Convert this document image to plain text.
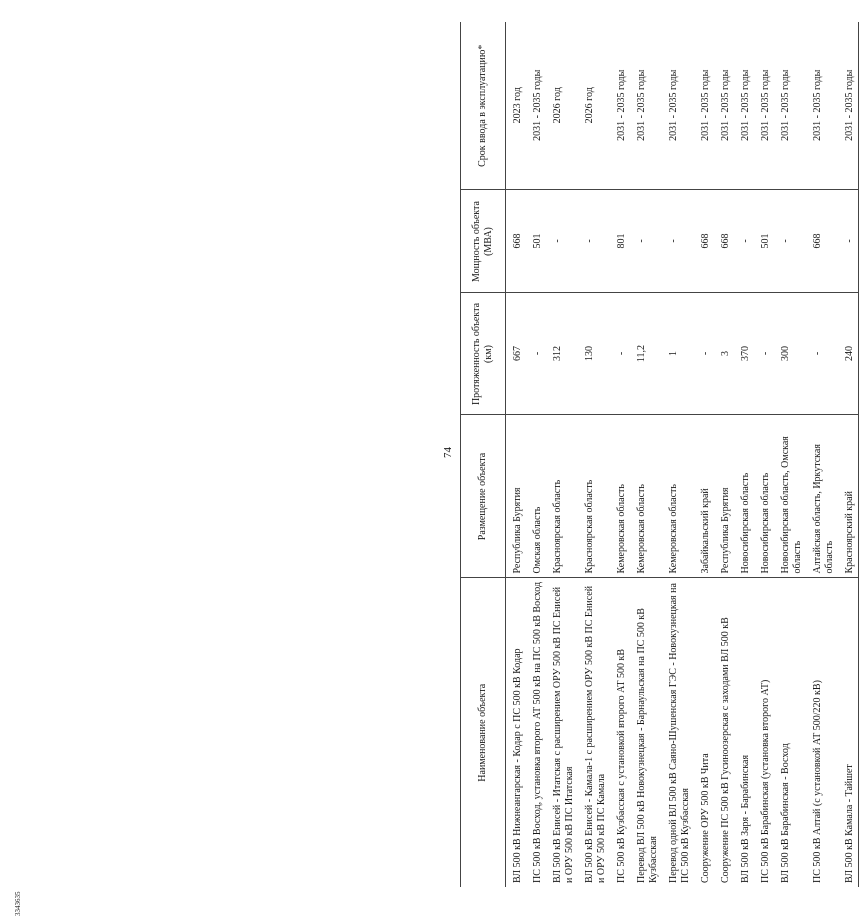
3343635
74
Наименование объекта	Размещение объекта	Протяженность объекта (км)	Мощность объекта (МВА)	Срок ввода в эксплуатацию*
ВЛ 500 кВ Нижнеангарская - Кодар с ПС 500 кВ Кодар	Республика Бурятия	667	668	2023 год
ПС 500 кВ Восход, установка второго АТ 500 кВ на ПС 500 кВ Восход	Омская область	-	501	2031 - 2035 годы
ВЛ 500 кВ Енисей - Итатская с расширением ОРУ 500 кВ ПС Енисей и ОРУ 500 кВ ПС Итатская	Красноярская область	312	-	2026 год
ВЛ 500 кВ Енисей - Камала-1 с расширением ОРУ 500 кВ ПС Енисей и ОРУ 500 кВ ПС Камала	Красноярская область	130	-	2026 год
ПС 500 кВ Кузбасская с установкой второго АТ 500 кВ	Кемеровская область	-	801	2031 - 2035 годы
Перевод ВЛ 500 кВ Новокузнецкая - Барнаульская на ПС 500 кВ Кузбасская	Кемеровская область	11,2	-	2031 - 2035 годы
Перевод одной ВЛ 500 кВ Саяно-Шушенская ГЭС - Новокузнецкая на ПС 500 кВ Кузбасская	Кемеровская область	1	-	2031 - 2035 годы
Сооружение ОРУ 500 кВ Чита	Забайкальский край	-	668	2031 - 2035 годы
Сооружение ПС 500 кВ Гусиноозерская с заходами ВЛ 500 кВ	Республика Бурятия	3	668	2031 - 2035 годы
ВЛ 500 кВ Заря - Барабинская	Новосибирская область	370	-	2031 - 2035 годы
ПС 500 кВ Барабинская (установка второго АТ)	Новосибирская область	-	501	2031 - 2035 годы
ВЛ 500 кВ Барабинская - Восход	Новосибирская область, Омская область	300	-	2031 - 2035 годы
ПС 500 кВ Алтай (с установкой АТ 500/220 кВ)	Алтайская область, Иркутская область	-	668	2031 - 2035 годы
ВЛ 500 кВ Камала - Тайшет	Красноярский край	240	-	2031 - 2035 годы
